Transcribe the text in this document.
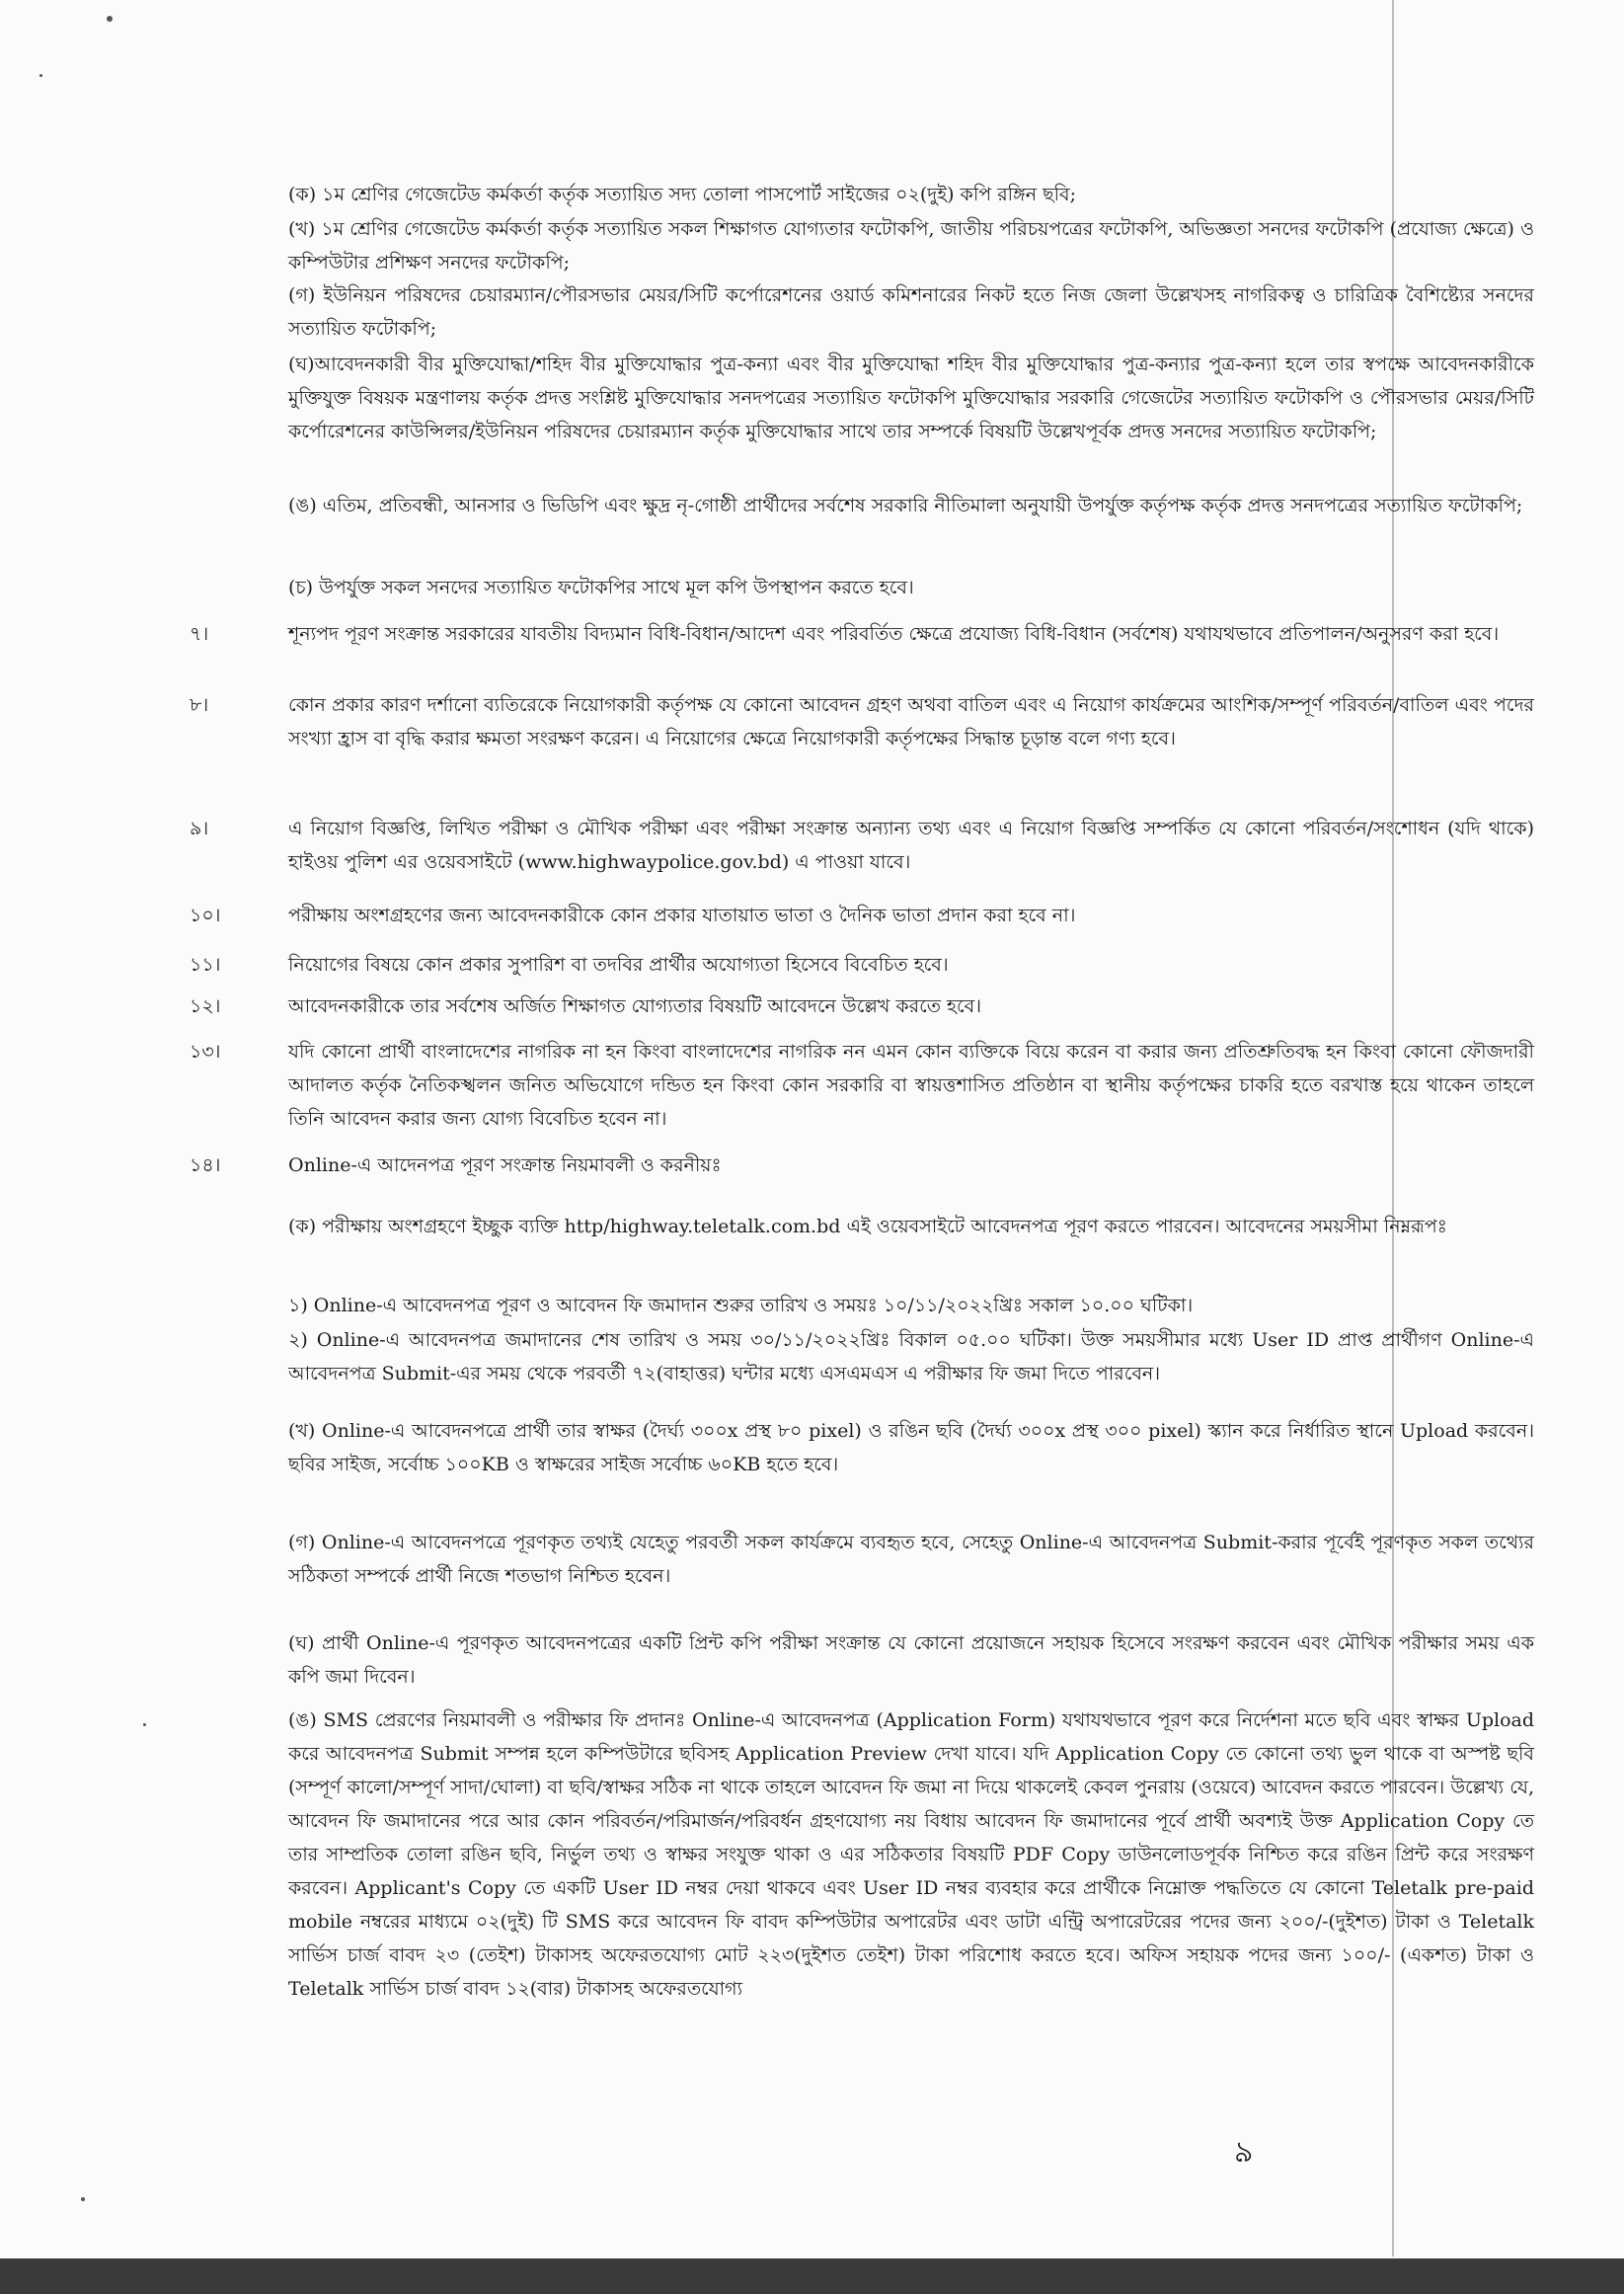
(ক) ১ম শ্রেণির গেজেটেড কর্মকর্তা কর্তৃক সত্যায়িত সদ্য তোলা পাসপোর্ট সাইজের ০২(দুই) কপি রঙ্গিন ছবি;

(খ) ১ম শ্রেণির গেজেটেড কর্মকর্তা কর্তৃক সত্যায়িত সকল শিক্ষাগত যোগ্যতার ফটোকপি, জাতীয় পরিচয়পত্রের ফটোকপি, অভিজ্ঞতা সনদের ফটোকপি (প্রযোজ্য ক্ষেত্রে) ও কম্পিউটার প্রশিক্ষণ সনদের ফটোকপি;

(গ) ইউনিয়ন পরিষদের চেয়ারম্যান/পৌরসভার মেয়র/সিটি কর্পোরেশনের ওয়ার্ড কমিশনারের নিকট হতে নিজ জেলা উল্লেখসহ নাগরিকত্ব ও চারিত্রিক বৈশিষ্ট্যের সনদের সত্যায়িত ফটোকপি;

(ঘ)আবেদনকারী বীর মুক্তিযোদ্ধা/শহিদ বীর মুক্তিযোদ্ধার পুত্র-কন্যা এবং বীর মুক্তিযোদ্ধা শহিদ বীর মুক্তিযোদ্ধার পুত্র-কন্যার পুত্র-কন্যা হলে তার স্বপক্ষে আবেদনকারীকে মুক্তিযুক্ত বিষয়ক মন্ত্রণালয় কর্তৃক প্রদত্ত সংশ্লিষ্ট মুক্তিযোদ্ধার সনদপত্রের সত্যায়িত ফটোকপি মুক্তিযোদ্ধার সরকারি গেজেটের সত্যায়িত ফটোকপি ও পৌরসভার মেয়র/সিটি কর্পোরেশনের কাউন্সিলর/ইউনিয়ন পরিষদের চেয়ারম্যান কর্তৃক মুক্তিযোদ্ধার সাথে তার সম্পর্কে বিষয়টি উল্লেখপূর্বক প্রদত্ত সনদের সত্যায়িত ফটোকপি;

(ঙ) এতিম, প্রতিবন্ধী, আনসার ও ভিডিপি এবং ক্ষুদ্র নৃ-গোষ্ঠী প্রার্থীদের সর্বশেষ সরকারি নীতিমালা অনুযায়ী উপর্যুক্ত কর্তৃপক্ষ কর্তৃক প্রদত্ত সনদপত্রের সত্যায়িত ফটোকপি;

(চ) উপর্যুক্ত সকল সনদের সত্যায়িত ফটোকপির সাথে মূল কপি উপস্থাপন করতে হবে।

৭।	শূন্যপদ পূরণ সংক্রান্ত সরকারের যাবতীয় বিদ্যমান বিধি-বিধান/আদেশ এবং পরিবর্তিত ক্ষেত্রে প্রযোজ্য বিধি-বিধান (সর্বশেষ) যথাযথভাবে প্রতিপালন/অনুসরণ করা হবে।

৮।	কোন প্রকার কারণ দর্শানো ব্যতিরেকে নিয়োগকারী কর্তৃপক্ষ যে কোনো আবেদন গ্রহণ অথবা বাতিল এবং এ নিয়োগ কার্যক্রমের আংশিক/সম্পূর্ণ পরিবর্তন/বাতিল এবং পদের সংখ্যা হ্রাস বা বৃদ্ধি করার ক্ষমতা সংরক্ষণ করেন। এ নিয়োগের ক্ষেত্রে নিয়োগকারী কর্তৃপক্ষের সিদ্ধান্ত চূড়ান্ত বলে গণ্য হবে।

৯।	এ নিয়োগ বিজ্ঞপ্তি, লিখিত পরীক্ষা ও মৌখিক পরীক্ষা এবং পরীক্ষা সংক্রান্ত অন্যান্য তথ্য এবং এ নিয়োগ বিজ্ঞপ্তি সম্পর্কিত যে কোনো পরিবর্তন/সংশোধন (যদি থাকে) হাইওয় পুলিশ এর ওয়েবসাইটে (www.highwaypolice.gov.bd) এ পাওয়া যাবে।

১০।	পরীক্ষায় অংশগ্রহণের জন্য আবেদনকারীকে কোন প্রকার যাতায়াত ভাতা ও দৈনিক ভাতা প্রদান করা হবে না।

১১।	নিয়োগের বিষয়ে কোন প্রকার সুপারিশ বা তদবির প্রার্থীর অযোগ্যতা হিসেবে বিবেচিত হবে।

১২।	আবেদনকারীকে তার সর্বশেষ অর্জিত শিক্ষাগত যোগ্যতার বিষয়টি আবেদনে উল্লেখ করতে হবে।

১৩।	যদি কোনো প্রার্থী বাংলাদেশের নাগরিক না হন কিংবা বাংলাদেশের নাগরিক নন এমন কোন ব্যক্তিকে বিয়ে করেন বা করার জন্য প্রতিশ্রুতিবদ্ধ হন কিংবা কোনো ফৌজদারী আদালত কর্তৃক নৈতিকস্খলন জনিত অভিযোগে দন্ডিত হন কিংবা কোন সরকারি বা স্বায়ত্তশাসিত প্রতিষ্ঠান বা স্থানীয় কর্তৃপক্ষের চাকরি হতে বরখাস্ত হয়ে থাকেন তাহলে তিনি আবেদন করার জন্য যোগ্য বিবেচিত হবেন না।

১৪।	Online-এ আদেনপত্র পূরণ সংক্রান্ত নিয়মাবলী ও করনীয়ঃ

(ক) পরীক্ষায় অংশগ্রহণে ইচ্ছুক ব্যক্তি http/highway.teletalk.com.bd এই ওয়েবসাইটে আবেদনপত্র পূরণ করতে পারবেন। আবেদনের সময়সীমা নিম্নরূপঃ

১) Online-এ আবেদনপত্র পূরণ ও আবেদন ফি জমাদান শুরুর তারিখ ও সময়ঃ ১০/১১/২০২২খ্রিঃ সকাল ১০.০০ ঘটিকা।

২) Online-এ আবেদনপত্র জমাদানের শেষ তারিখ ও সময় ৩০/১১/২০২২খ্রিঃ বিকাল ০৫.০০ ঘটিকা। উক্ত সময়সীমার মধ্যে User ID প্রাপ্ত প্রার্থীগণ Online-এ আবেদনপত্র Submit-এর সময় থেকে পরবর্তী ৭২(বাহাত্তর) ঘন্টার মধ্যে এসএমএস এ পরীক্ষার ফি জমা দিতে পারবেন।

(খ) Online-এ আবেদনপত্রে প্রার্থী তার স্বাক্ষর (দৈর্ঘ্য ৩০০x প্রস্থ ৮০ pixel) ও রঙিন ছবি (দৈর্ঘ্য ৩০০x প্রস্থ ৩০০ pixel) স্ক্যান করে নির্ধারিত স্থানে Upload করবেন। ছবির সাইজ, সর্বোচ্চ ১০০KB ও স্বাক্ষরের সাইজ সর্বোচ্চ ৬০KB হতে হবে।

(গ) Online-এ আবেদনপত্রে পূরণকৃত তথ্যই যেহেতু পরবর্তী সকল কার্যক্রমে ব্যবহৃত হবে, সেহেতু Online-এ আবেদনপত্র Submit-করার পূর্বেই পূরণকৃত সকল তথ্যের সঠিকতা সম্পর্কে প্রার্থী নিজে শতভাগ নিশ্চিত হবেন।

(ঘ) প্রার্থী Online-এ পূরণকৃত আবেদনপত্রের একটি প্রিন্ট কপি পরীক্ষা সংক্রান্ত যে কোনো প্রয়োজনে সহায়ক হিসেবে সংরক্ষণ করবেন এবং মৌখিক পরীক্ষার সময় এক কপি জমা দিবেন।

(ঙ) SMS প্রেরণের নিয়মাবলী ও পরীক্ষার ফি প্রদানঃ Online-এ আবেদনপত্র (Application Form) যথাযথভাবে পূরণ করে নির্দেশনা মতে ছবি এবং স্বাক্ষর Upload করে আবেদনপত্র Submit সম্পন্ন হলে কম্পিউটারে ছবিসহ Application Preview দেখা যাবে। যদি Application Copy তে কোনো তথ্য ভুল থাকে বা অস্পষ্ট ছবি (সম্পূর্ণ কালো/সম্পূর্ণ সাদা/ঘোলা) বা ছবি/স্বাক্ষর সঠিক না থাকে তাহলে আবেদন ফি জমা না দিয়ে থাকলেই কেবল পুনরায় (ওয়েবে) আবেদন করতে পারবেন। উল্লেখ্য যে, আবেদন ফি জমাদানের পরে আর কোন পরিবর্তন/পরিমার্জন/পরিবর্ধন গ্রহণযোগ্য নয় বিধায় আবেদন ফি জমাদানের পূর্বে প্রার্থী অবশ্যই উক্ত Application Copy তে তার সাম্প্রতিক তোলা রঙিন ছবি, নির্ভুল তথ্য ও স্বাক্ষর সংযুক্ত থাকা ও এর সঠিকতার বিষয়টি PDF Copy ডাউনলোডপূর্বক নিশ্চিত করে রঙিন প্রিন্ট করে সংরক্ষণ করবেন। Applicant's Copy তে একটি User ID নম্বর দেয়া থাকবে এবং User ID নম্বর ব্যবহার করে প্রার্থীকে নিম্নোক্ত পদ্ধতিতে যে কোনো Teletalk pre-paid mobile নম্বরের মাধ্যমে ০২(দুই) টি SMS করে আবেদন ফি বাবদ কম্পিউটার অপারেটর এবং ডাটা এন্ট্রি অপারেটরের পদের জন্য ২০০/-(দুইশত) টাকা ও Teletalk সার্ভিস চার্জ বাবদ ২৩ (তেইশ) টাকাসহ অফেরতযোগ্য মোট ২২৩(দুইশত তেইশ) টাকা পরিশোধ করতে হবে। অফিস সহায়ক পদের জন্য ১০০/- (একশত) টাকা ও Teletalk সার্ভিস চার্জ বাবদ ১২(বার) টাকাসহ অফেরতযোগ্য

৯
